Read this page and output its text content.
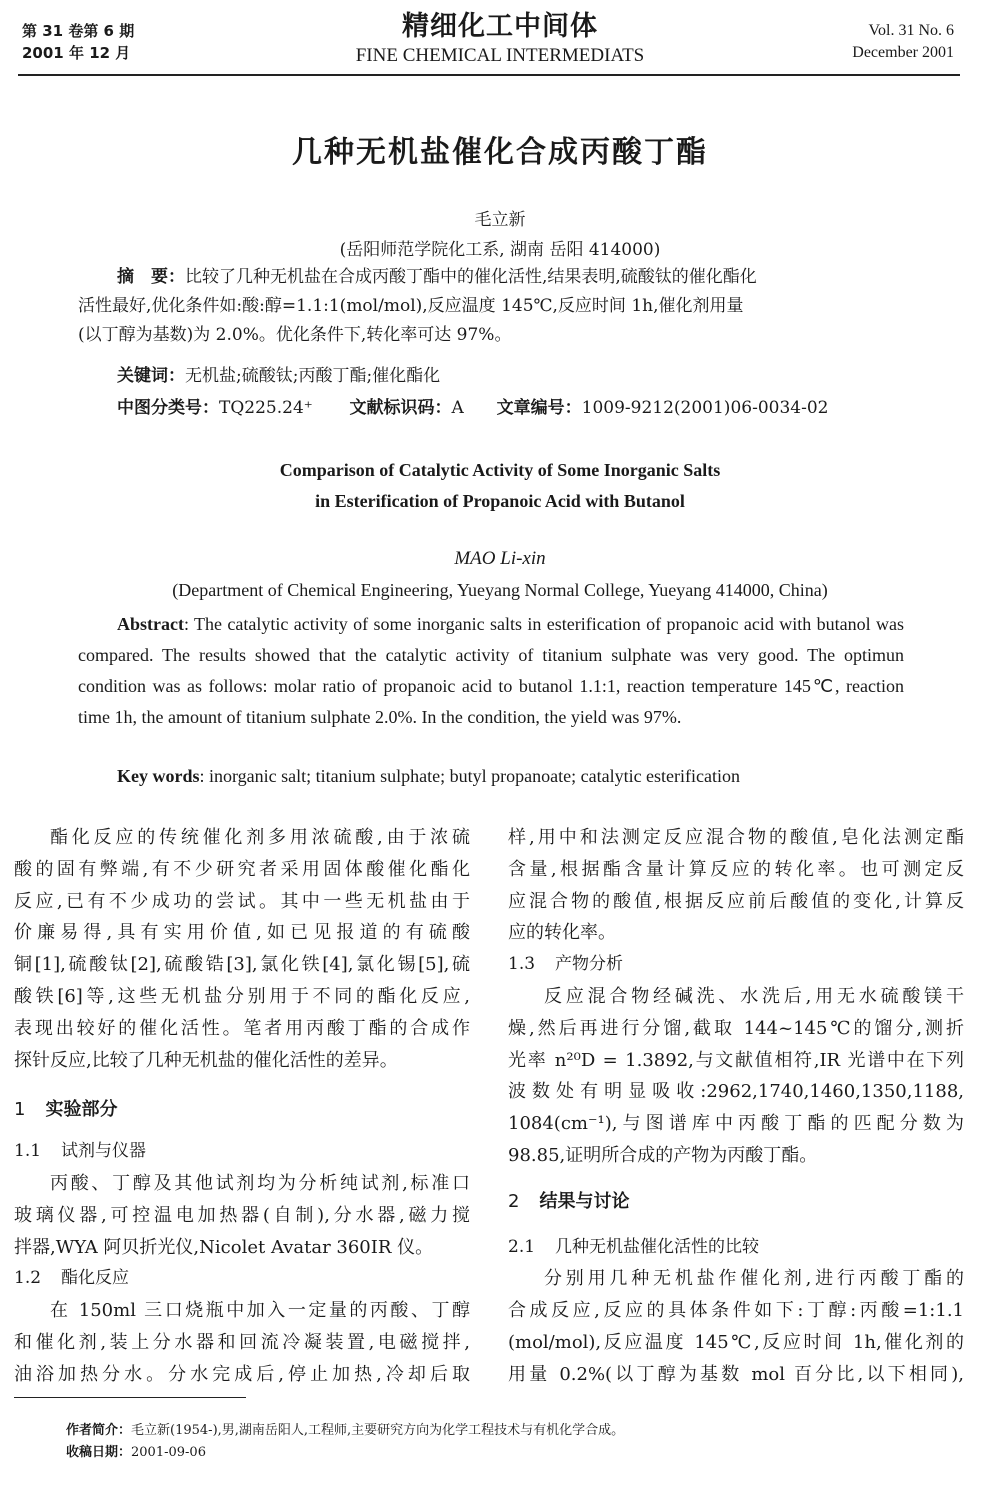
第 31 卷第 6 期
2001 年 12 月
精细化工中间体
FINE CHEMICAL INTERMEDIATS
Vol. 31 No. 6
December 2001
几种无机盐催化合成丙酸丁酯
毛立新
(岳阳师范学院化工系, 湖南 岳阳 414000)
摘　要：比较了几种无机盐在合成丙酸丁酯中的催化活性,结果表明,硫酸钛的催化酯化
活性最好,优化条件如:酸:醇=1.1:1(mol/mol),反应温度 145℃,反应时间 1h,催化剂用量
(以丁醇为基数)为 2.0%。优化条件下,转化率可达 97%。
关键词：无机盐;硫酸钛;丙酸丁酯;催化酯化
中图分类号：TQ225.24⁺ 文献标识码：A 文章编号：1009-9212(2001)06-0034-02
Comparison of Catalytic Activity of Some Inorganic Salts
in Esterification of Propanoic Acid with Butanol
MAO Li-xin
(Department of Chemical Engineering, Yueyang Normal College, Yueyang 414000, China)
Abstract: The catalytic activity of some inorganic salts in esterification of propanoic acid with butanol was compared. The results showed that the catalytic activity of titanium sulphate was very good. The optimun condition was as follows: molar ratio of propanoic acid to butanol 1.1:1, reaction temperature 145℃, reaction time 1h, the amount of titanium sulphate 2.0%. In the condition, the yield was 97%.
Key words: inorganic salt; titanium sulphate; butyl propanoate; catalytic esterification

酯化反应的传统催化剂多用浓硫酸,由于浓硫

酸的固有弊端,有不少研究者采用固体酸催化酯化

反应,已有不少成功的尝试。其中一些无机盐由于

价廉易得,具有实用价值,如已见报道的有硫酸

铜[1],硫酸钛[2],硫酸锆[3],氯化铁[4],氯化锡[5],硫

酸铁[6]等,这些无机盐分别用于不同的酯化反应,

表现出较好的催化活性。笔者用丙酸丁酯的合成作

探针反应,比较了几种无机盐的催化活性的差异。

1 实验部分
1.1 试剂与仪器

丙酸、丁醇及其他试剂均为分析纯试剂,标准口

玻璃仪器,可控温电加热器(自制),分水器,磁力搅

拌器,WYA 阿贝折光仪,Nicolet Avatar 360IR 仪。

1.2 酯化反应

在 150ml 三口烧瓶中加入一定量的丙酸、丁醇

和催化剂,装上分水器和回流冷凝装置,电磁搅拌,

油浴加热分水。分水完成后,停止加热,冷却后取

样,用中和法测定反应混合物的酸值,皂化法测定酯

含量,根据酯含量计算反应的转化率。也可测定反

应混合物的酸值,根据反应前后酸值的变化,计算反

应的转化率。

1.3 产物分析

反应混合物经碱洗、水洗后,用无水硫酸镁干

燥,然后再进行分馏,截取 144~145℃的馏分,测折

光率 n²⁰D = 1.3892,与文献值相符,IR 光谱中在下列

波数处有明显吸收:2962,1740,1460,1350,1188,

1084(cm⁻¹),与图谱库中丙酸丁酯的匹配分数为

98.85,证明所合成的产物为丙酸丁酯。

2 结果与讨论
2.1 几种无机盐催化活性的比较

分别用几种无机盐作催化剂,进行丙酸丁酯的

合成反应,反应的具体条件如下:丁醇:丙酸=1:1.1

(mol/mol),反应温度 145℃,反应时间 1h,催化剂的

用量 0.2%(以丁醇为基数 mol 百分比,以下相同),

作者简介：毛立新(1954-),男,湖南岳阳人,工程师,主要研究方向为化学工程技术与有机化学合成。
收稿日期：2001-09-06
